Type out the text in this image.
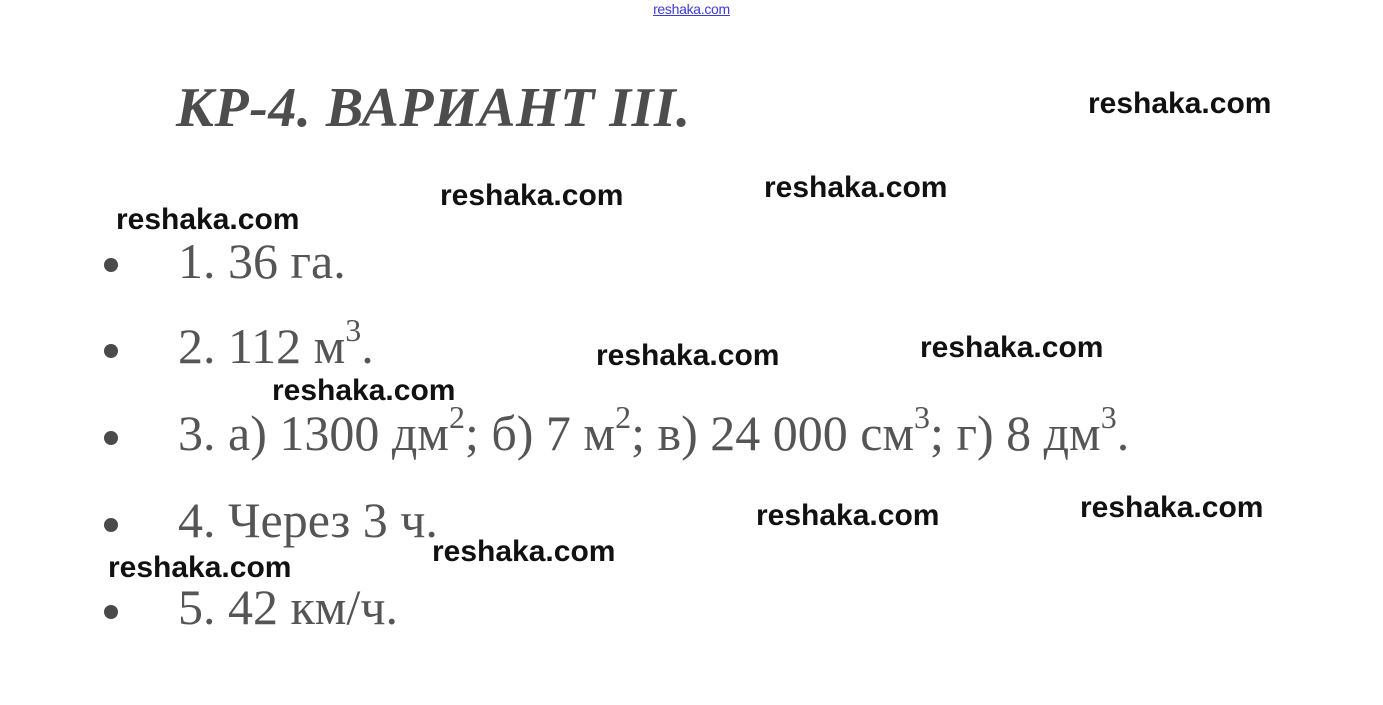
reshaka.com
КР-4. ВАРИАНТ III.
1. 36 га.
2. 112 $м^3$.
3. а) 1300 $дм^2$; б) 7 $м^2$; в) 24 000 $см^3$; г) 8 $дм^3$.
4. Через 3 ч.
5. 42 км/ч.
reshaka.com
reshaka.com	reshaka.com
reshaka.com
reshaka.com	reshaka.com
reshaka.com
reshaka.com	reshaka.com
reshaka.com
reshaka.com
